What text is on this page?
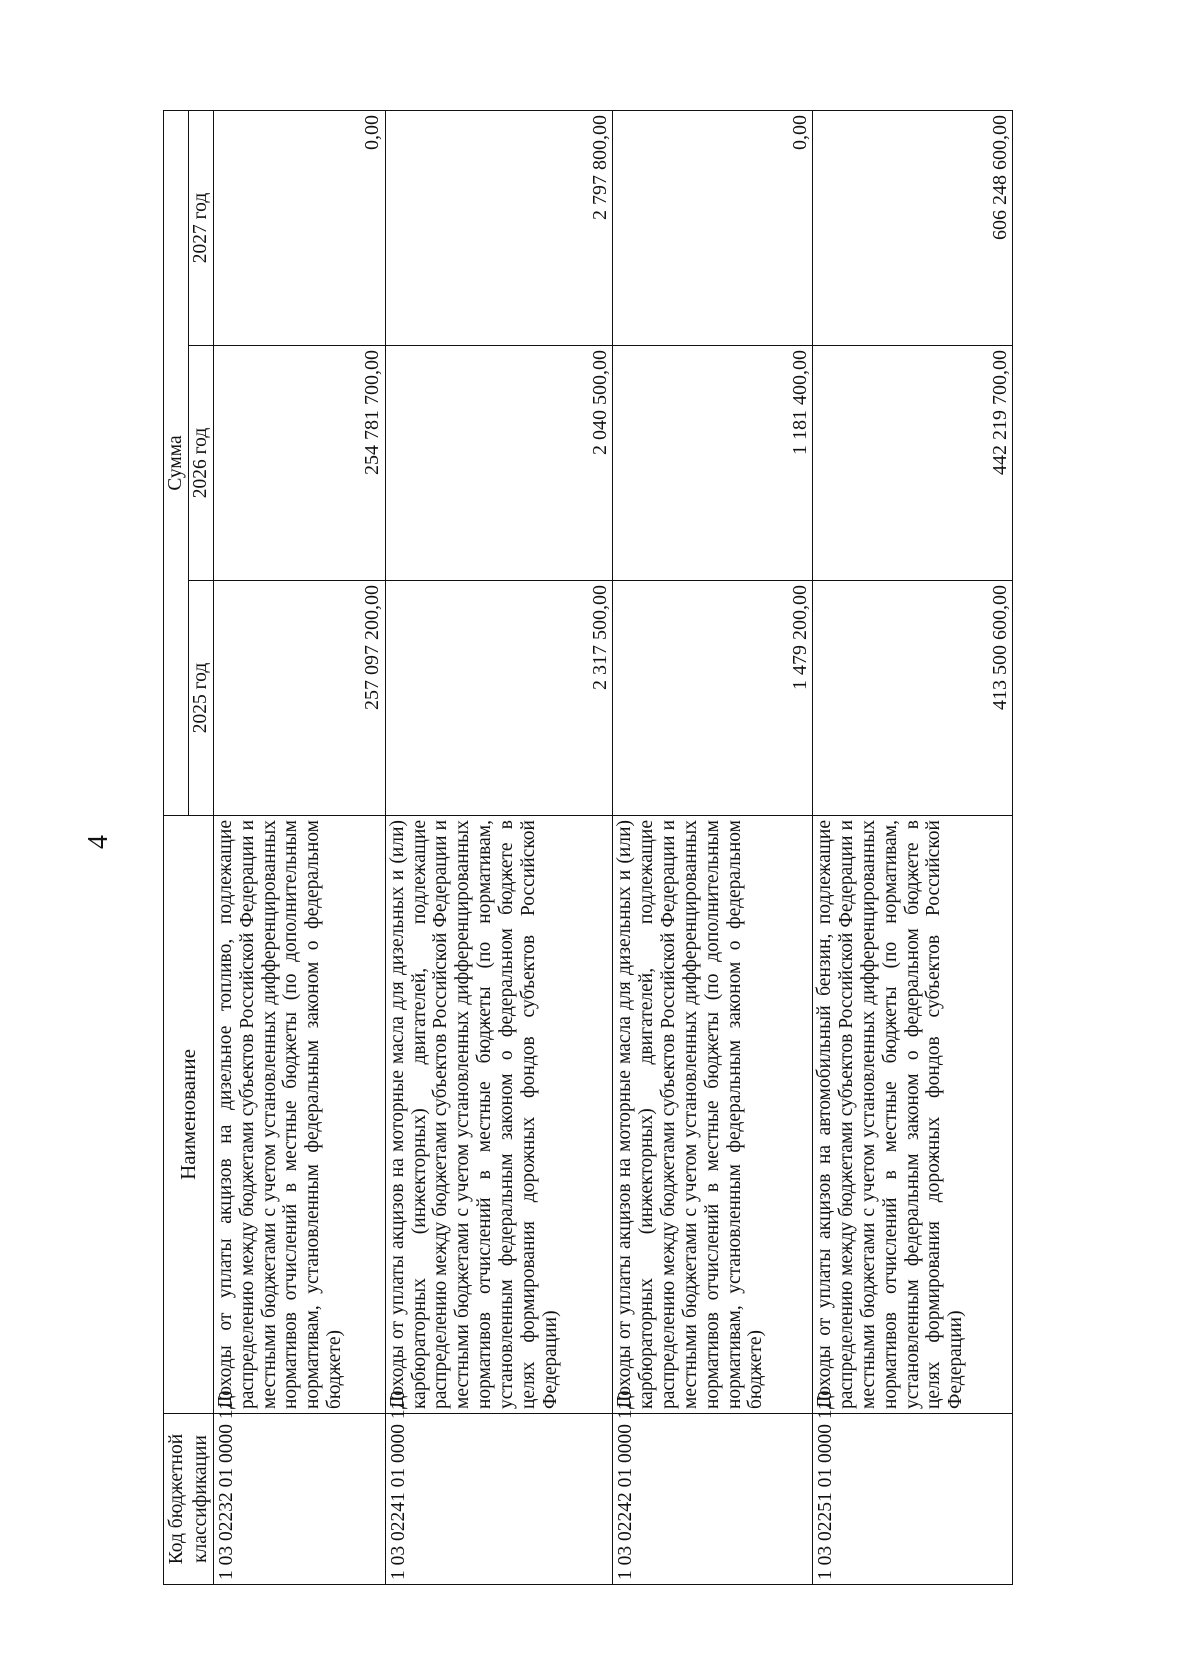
4
Код бюджетной классификации	Наименование	Сумма		
		2025 год	2026 год	2027 год
1 03 02232 01 0000 110	Доходы от уплаты акцизов на дизельное топливо, подлежащие распределению между бюджетами субъектов Российской Федерации и местными бюджетами с учетом установленных дифференцированных нормативов отчислений в местные бюджеты (по дополнительным нормативам, установленным федеральным законом о федеральном бюджете)	257 097 200,00	254 781 700,00	0,00
1 03 02241 01 0000 110	Доходы от уплаты акцизов на моторные масла для дизельных и (или) карбюраторных (инжекторных) двигателей, подлежащие распределению между бюджетами субъектов Российской Федерации и местными бюджетами с учетом установленных дифференцированных нормативов отчислений в местные бюджеты (по нормативам, установленным федеральным законом о федеральном бюджете в целях формирования дорожных фондов субъектов Российской Федерации)	2 317 500,00	2 040 500,00	2 797 800,00
1 03 02242 01 0000 110	Доходы от уплаты акцизов на моторные масла для дизельных и (или) карбюраторных (инжекторных) двигателей, подлежащие распределению между бюджетами субъектов Российской Федерации и местными бюджетами с учетом установленных дифференцированных нормативов отчислений в местные бюджеты (по дополнительным нормативам, установленным федеральным законом о федеральном бюджете)	1 479 200,00	1 181 400,00	0,00
1 03 02251 01 0000 110	Доходы от уплаты акцизов на автомобильный бензин, подлежащие распределению между бюджетами субъектов Российской Федерации и местными бюджетами с учетом установленных дифференцированных нормативов отчислений в местные бюджеты (по нормативам, установленным федеральным законом о федеральном бюджете в целях формирования дорожных фондов субъектов Российской Федерации)	413 500 600,00	442 219 700,00	606 248 600,00
